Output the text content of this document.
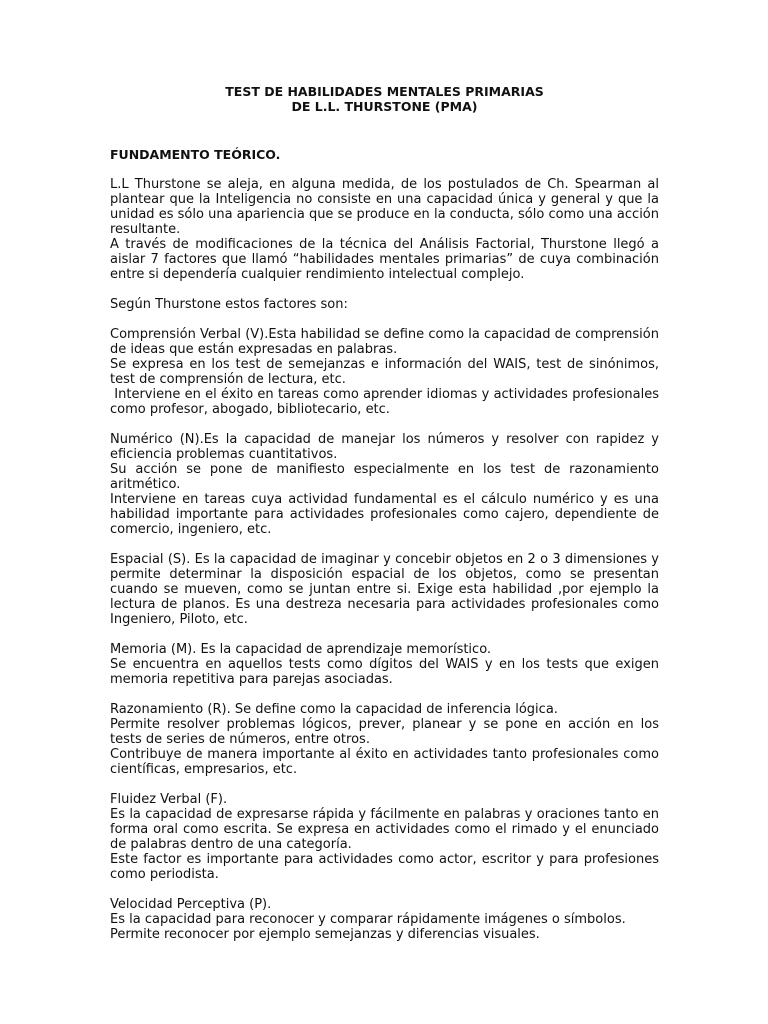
TEST DE HABILIDADES MENTALES PRIMARIAS
DE L.L. THURSTONE (PMA)
FUNDAMENTO TEÓRICO.

L.L Thurstone se aleja, en alguna medida, de los postulados de Ch. Spearman al plantear que la Inteligencia no consiste en una capacidad única y general y que la unidad es sólo una apariencia que se produce en la conducta, sólo como una acción resultante.

A través de modificaciones de la técnica del Análisis Factorial, Thurstone llegó a aislar 7 factores que llamó “habilidades mentales primarias” de cuya combinación entre si dependería cualquier rendimiento intelectual complejo.

Según Thurstone estos factores son:

Comprensión Verbal (V).Esta habilidad se define como la capacidad de comprensión de ideas que están expresadas en palabras.

Se expresa en los test de semejanzas e información del WAIS, test de sinónimos, test de comprensión de lectura, etc.

Interviene en el éxito en tareas como aprender idiomas y actividades profesionales como profesor, abogado, bibliotecario, etc.

Numérico (N).Es la capacidad de manejar los números y resolver con rapidez y eficiencia problemas cuantitativos.

Su acción se pone de manifiesto especialmente en los test de razonamiento aritmético.

Interviene en tareas cuya actividad fundamental es el cálculo numérico y es una habilidad importante para actividades profesionales como cajero, dependiente de comercio, ingeniero, etc.

Espacial (S). Es la capacidad de imaginar y concebir objetos en 2 o 3 dimensiones y permite determinar la disposición espacial de los objetos, como se presentan cuando se mueven, como se juntan entre si. Exige esta habilidad ,por ejemplo la lectura de planos. Es una destreza necesaria para actividades profesionales como Ingeniero, Piloto, etc.

Memoria (M). Es la capacidad de aprendizaje memorístico.

Se encuentra en aquellos tests como dígitos del WAIS y en los tests que exigen memoria repetitiva para parejas asociadas.

Razonamiento (R). Se define como la capacidad de inferencia lógica.

Permite resolver problemas lógicos, prever, planear y se pone en acción en los tests de series de números, entre otros.

Contribuye de manera importante al éxito en actividades tanto profesionales como científicas, empresarios, etc.

Fluidez Verbal (F).

Es la capacidad de expresarse rápida y fácilmente en palabras y oraciones tanto en forma oral como escrita. Se expresa en actividades como el rimado y el enunciado de palabras dentro de una categoría.

Este factor es importante para actividades como actor, escritor y para profesiones como periodista.

Velocidad Perceptiva (P).

Es la capacidad para reconocer y comparar rápidamente imágenes o símbolos.

Permite reconocer por ejemplo semejanzas y diferencias visuales.
